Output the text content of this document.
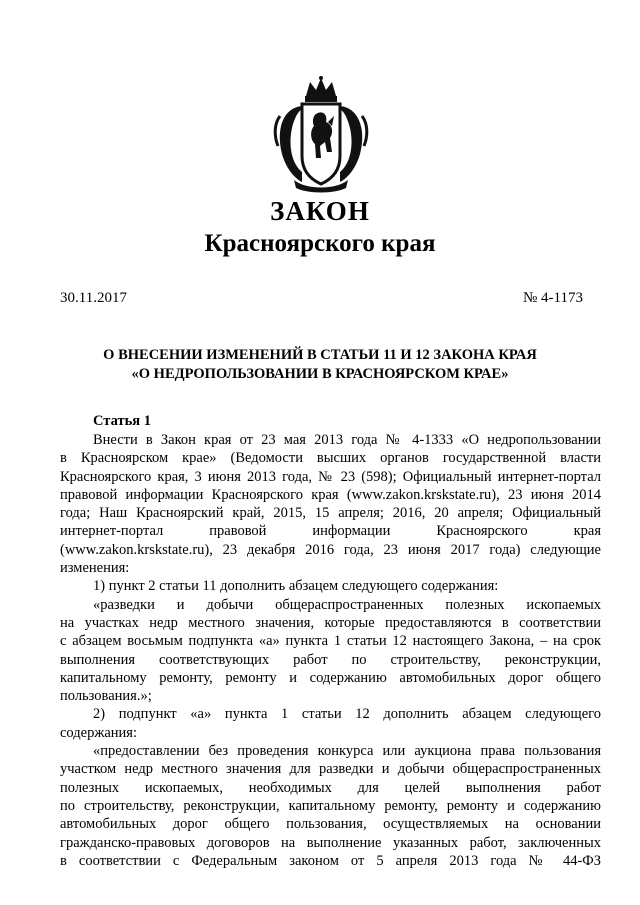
ЗАКОН
Красноярского края
30.11.2017	№ 4-1173
О ВНЕСЕНИИ ИЗМЕНЕНИЙ В СТАТЬИ 11 И 12 ЗАКОНА КРАЯ
«О НЕДРОПОЛЬЗОВАНИИ В КРАСНОЯРСКОМ КРАЕ»
Статья 1
Внести в Закон края от 23 мая 2013 года № 4-1333 «О недропользовании
в Красноярском крае» (Ведомости высших органов государственной власти
Красноярского края, 3 июня 2013 года, № 23 (598); Официальный интернет-портал
правовой информации Красноярского края (www.zakon.krskstate.ru), 23 июня 2014
года; Наш Красноярский край, 2015, 15 апреля; 2016, 20 апреля; Официальный
интернет-портал правовой информации Красноярского края
(www.zakon.krskstate.ru), 23 декабря 2016 года, 23 июня 2017 года) следующие
изменения:
1) пункт 2 статьи 11 дополнить абзацем следующего содержания:
«разведки и добычи общераспространенных полезных ископаемых
на участках недр местного значения, которые предоставляются в соответствии
с абзацем восьмым подпункта «а» пункта 1 статьи 12 настоящего Закона, – на срок
выполнения соответствующих работ по строительству, реконструкции,
капитальному ремонту, ремонту и содержанию автомобильных дорог общего
пользования.»;
2) подпункт «а» пункта 1 статьи 12 дополнить абзацем следующего
содержания:
«предоставлении без проведения конкурса или аукциона права пользования
участком недр местного значения для разведки и добычи общераспространенных
полезных ископаемых, необходимых для целей выполнения работ
по строительству, реконструкции, капитальному ремонту, ремонту и содержанию
автомобильных дорог общего пользования, осуществляемых на основании
гражданско-правовых договоров на выполнение указанных работ, заключенных
в соответствии с Федеральным законом от 5 апреля 2013 года № 44-ФЗ
